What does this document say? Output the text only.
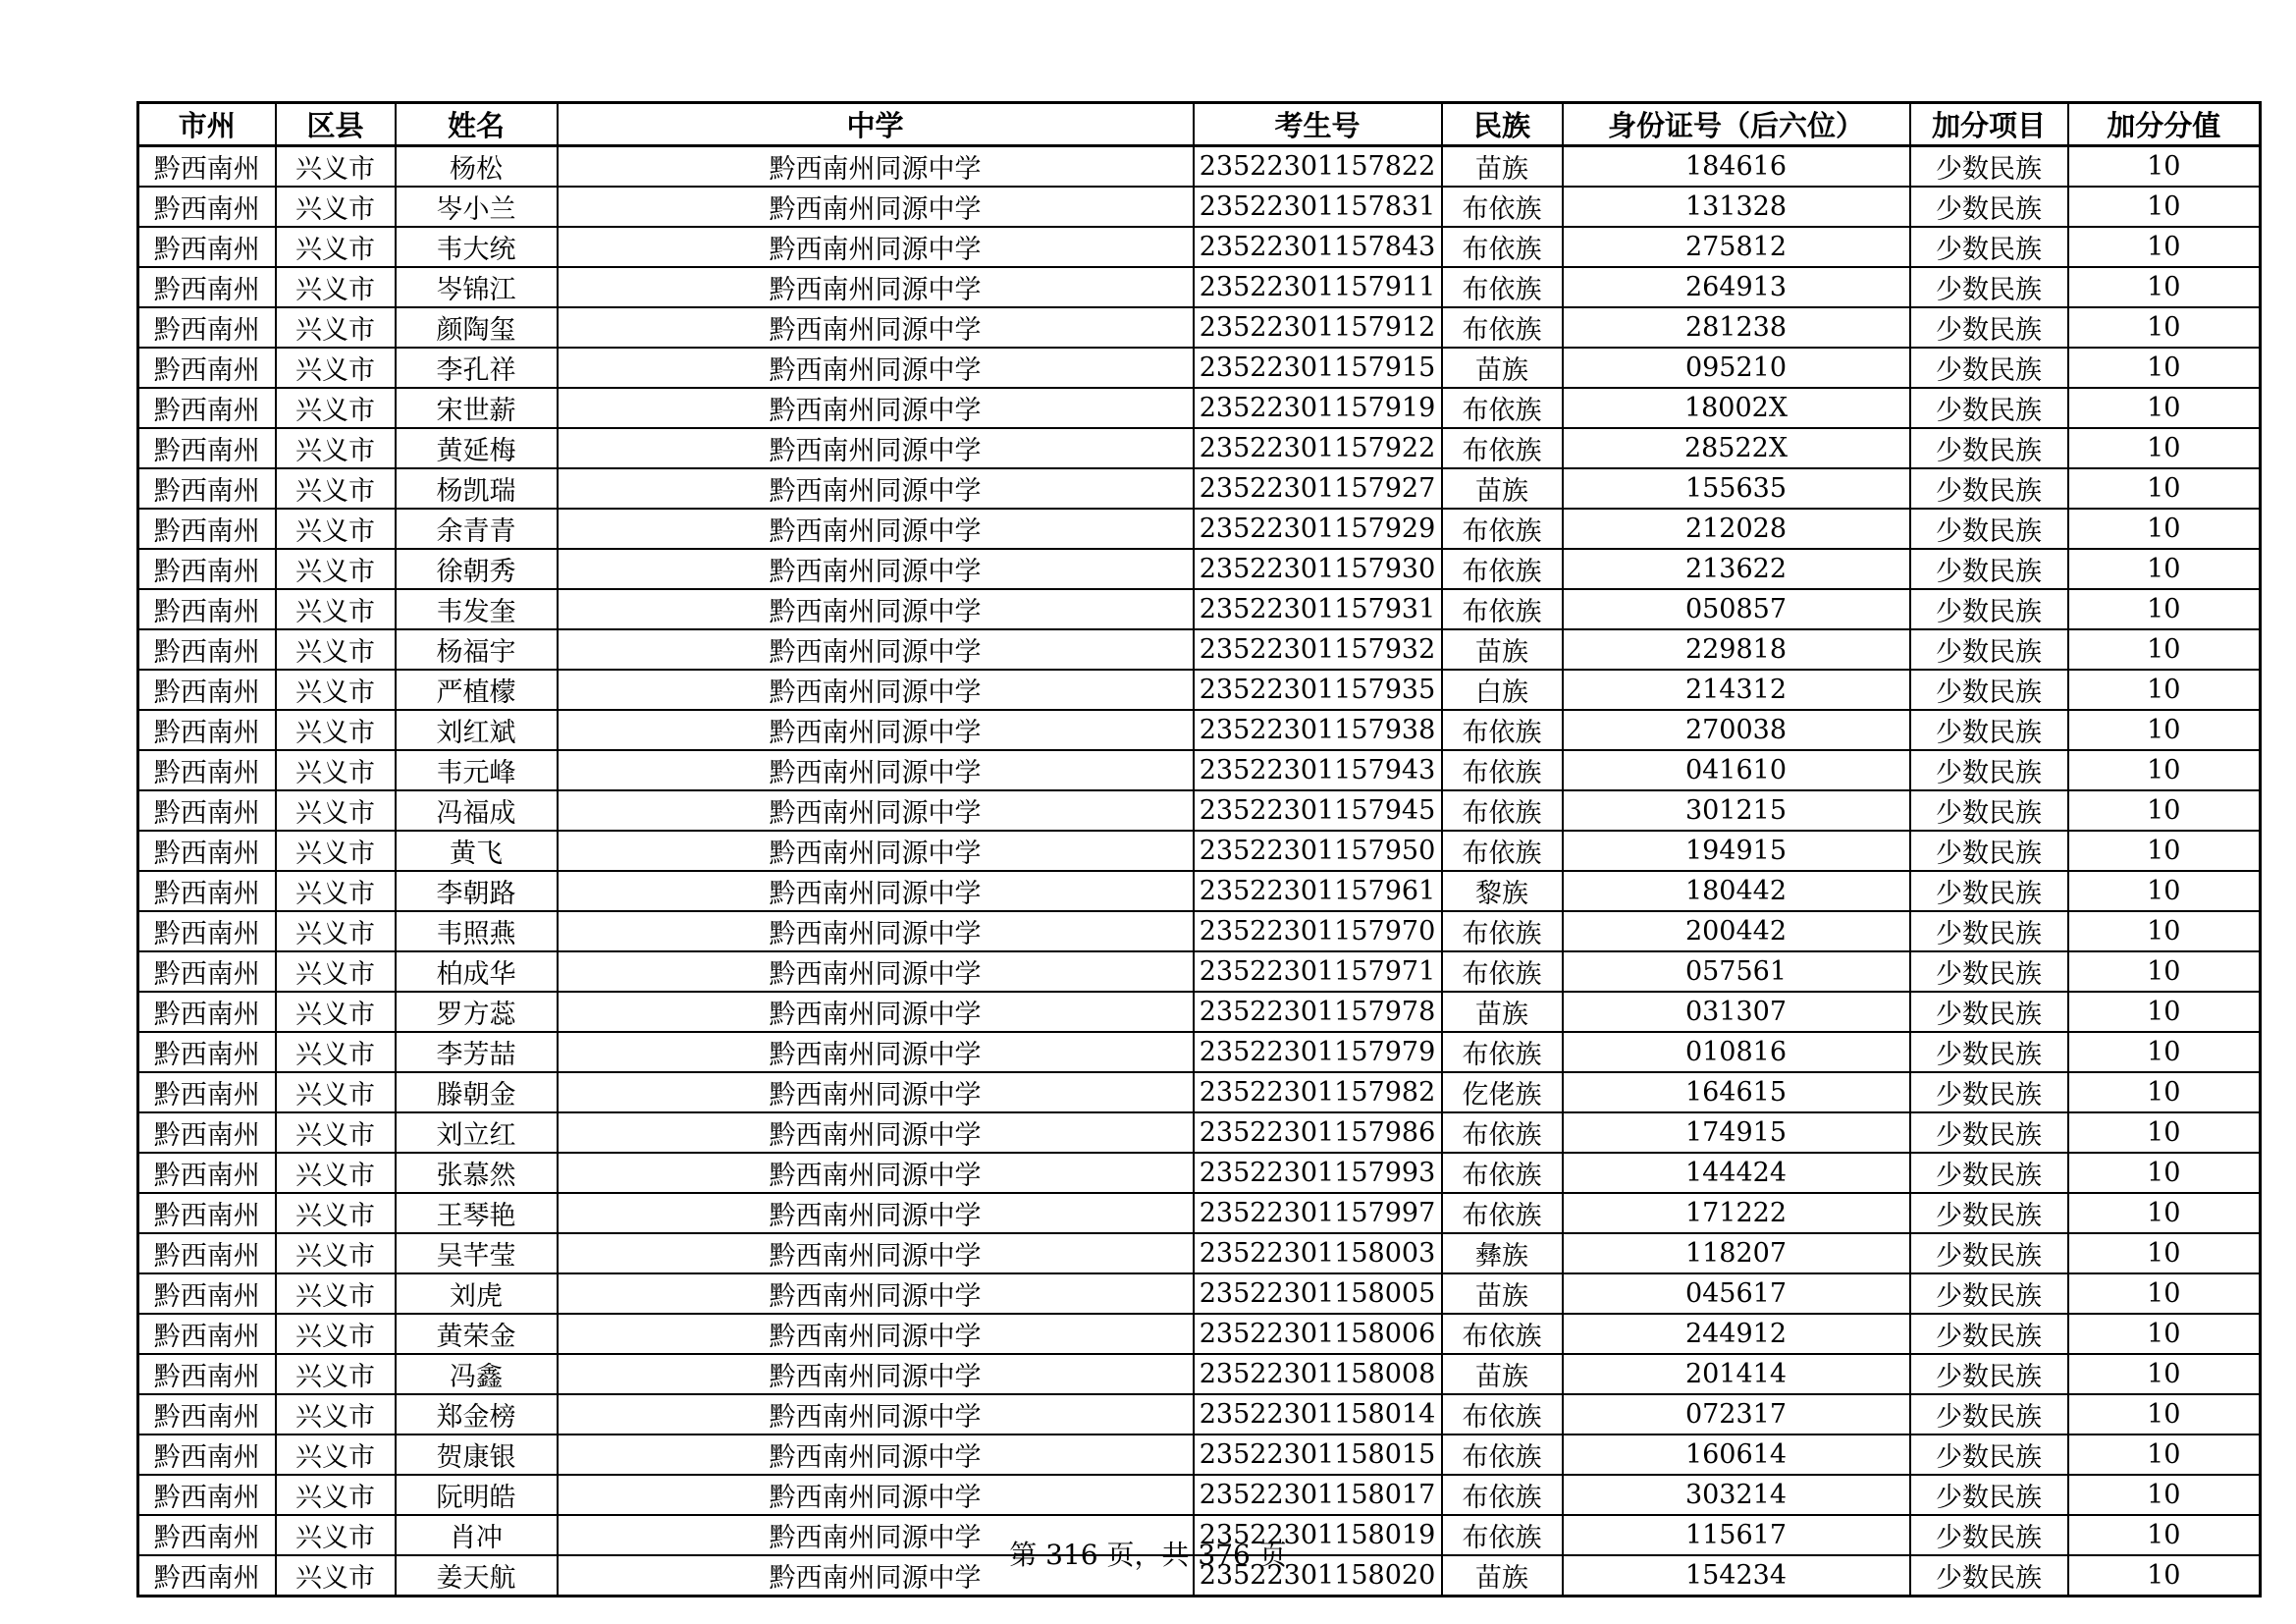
市州	区县	姓名	中学	考生号	民族	身份证号（后六位）	加分项目	加分分值
黔西南州	兴义市	杨松	黔西南州同源中学	23522301157822	苗族	184616	少数民族	10
黔西南州	兴义市	岑小兰	黔西南州同源中学	23522301157831	布依族	131328	少数民族	10
黔西南州	兴义市	韦大统	黔西南州同源中学	23522301157843	布依族	275812	少数民族	10
黔西南州	兴义市	岑锦江	黔西南州同源中学	23522301157911	布依族	264913	少数民族	10
黔西南州	兴义市	颜陶玺	黔西南州同源中学	23522301157912	布依族	281238	少数民族	10
黔西南州	兴义市	李孔祥	黔西南州同源中学	23522301157915	苗族	095210	少数民族	10
黔西南州	兴义市	宋世薪	黔西南州同源中学	23522301157919	布依族	18002X	少数民族	10
黔西南州	兴义市	黄延梅	黔西南州同源中学	23522301157922	布依族	28522X	少数民族	10
黔西南州	兴义市	杨凯瑞	黔西南州同源中学	23522301157927	苗族	155635	少数民族	10
黔西南州	兴义市	余青青	黔西南州同源中学	23522301157929	布依族	212028	少数民族	10
黔西南州	兴义市	徐朝秀	黔西南州同源中学	23522301157930	布依族	213622	少数民族	10
黔西南州	兴义市	韦发奎	黔西南州同源中学	23522301157931	布依族	050857	少数民族	10
黔西南州	兴义市	杨福宇	黔西南州同源中学	23522301157932	苗族	229818	少数民族	10
黔西南州	兴义市	严植檬	黔西南州同源中学	23522301157935	白族	214312	少数民族	10
黔西南州	兴义市	刘红斌	黔西南州同源中学	23522301157938	布依族	270038	少数民族	10
黔西南州	兴义市	韦元峰	黔西南州同源中学	23522301157943	布依族	041610	少数民族	10
黔西南州	兴义市	冯福成	黔西南州同源中学	23522301157945	布依族	301215	少数民族	10
黔西南州	兴义市	黄飞	黔西南州同源中学	23522301157950	布依族	194915	少数民族	10
黔西南州	兴义市	李朝路	黔西南州同源中学	23522301157961	黎族	180442	少数民族	10
黔西南州	兴义市	韦照燕	黔西南州同源中学	23522301157970	布依族	200442	少数民族	10
黔西南州	兴义市	柏成华	黔西南州同源中学	23522301157971	布依族	057561	少数民族	10
黔西南州	兴义市	罗方蕊	黔西南州同源中学	23522301157978	苗族	031307	少数民族	10
黔西南州	兴义市	李芳喆	黔西南州同源中学	23522301157979	布依族	010816	少数民族	10
黔西南州	兴义市	滕朝金	黔西南州同源中学	23522301157982	仡佬族	164615	少数民族	10
黔西南州	兴义市	刘立红	黔西南州同源中学	23522301157986	布依族	174915	少数民族	10
黔西南州	兴义市	张慕然	黔西南州同源中学	23522301157993	布依族	144424	少数民族	10
黔西南州	兴义市	王琴艳	黔西南州同源中学	23522301157997	布依族	171222	少数民族	10
黔西南州	兴义市	吴芊莹	黔西南州同源中学	23522301158003	彝族	118207	少数民族	10
黔西南州	兴义市	刘虎	黔西南州同源中学	23522301158005	苗族	045617	少数民族	10
黔西南州	兴义市	黄荣金	黔西南州同源中学	23522301158006	布依族	244912	少数民族	10
黔西南州	兴义市	冯鑫	黔西南州同源中学	23522301158008	苗族	201414	少数民族	10
黔西南州	兴义市	郑金榜	黔西南州同源中学	23522301158014	布依族	072317	少数民族	10
黔西南州	兴义市	贺康银	黔西南州同源中学	23522301158015	布依族	160614	少数民族	10
黔西南州	兴义市	阮明皓	黔西南州同源中学	23522301158017	布依族	303214	少数民族	10
黔西南州	兴义市	肖冲	黔西南州同源中学	23522301158019	布依族	115617	少数民族	10
黔西南州	兴义市	姜天航	黔西南州同源中学	23522301158020	苗族	154234	少数民族	10
第 316 页，共 376 页
